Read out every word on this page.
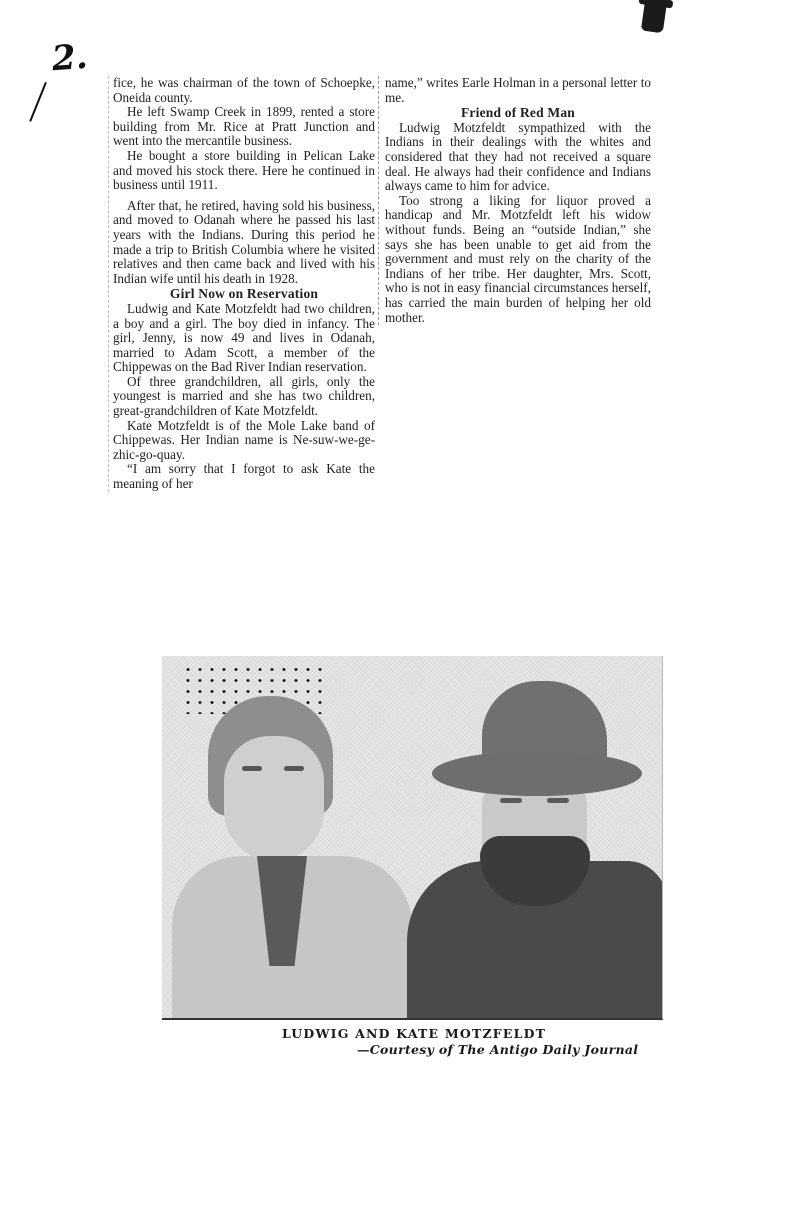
2.

fice, he was chairman of the town of Schoepke, Oneida county.

He left Swamp Creek in 1899, rented a store building from Mr. Rice at Pratt Junction and went into the mercantile business.

He bought a store building in Pelican Lake and moved his stock there. Here he continued in business until 1911.

After that, he retired, having sold his business, and moved to Odanah where he passed his last years with the Indians. During this period he made a trip to British Columbia where he visited relatives and then came back and lived with his Indian wife until his death in 1928.

Girl Now on Reservation

Ludwig and Kate Motzfeldt had two children, a boy and a girl. The boy died in infancy. The girl, Jenny, is now 49 and lives in Odanah, married to Adam Scott, a member of the Chippewas on the Bad River Indian reservation.

Of three grandchildren, all girls, only the youngest is married and she has two children, great-grandchildren of Kate Motzfeldt.

Kate Motzfeldt is of the Mole Lake band of Chippewas. Her Indian name is Ne-suw-we-ge-zhic-go-quay.

“I am sorry that I forgot to ask Kate the meaning of her

name,” writes Earle Holman in a personal letter to me.

Friend of Red Man

Ludwig Motzfeldt sympathized with the Indians in their dealings with the whites and considered that they had not received a square deal. He always had their confidence and Indians always came to him for advice.

Too strong a liking for liquor proved a handicap and Mr. Motzfeldt left his widow without funds. Being an “outside Indian,” she says she has been unable to get aid from the government and must rely on the charity of the Indians of her tribe. Her daughter, Mrs. Scott, who is not in easy financial circumstances herself, has carried the main burden of helping her old mother.

LUDWIG AND KATE MOTZFELDT
—Courtesy of The Antigo Daily Journal
